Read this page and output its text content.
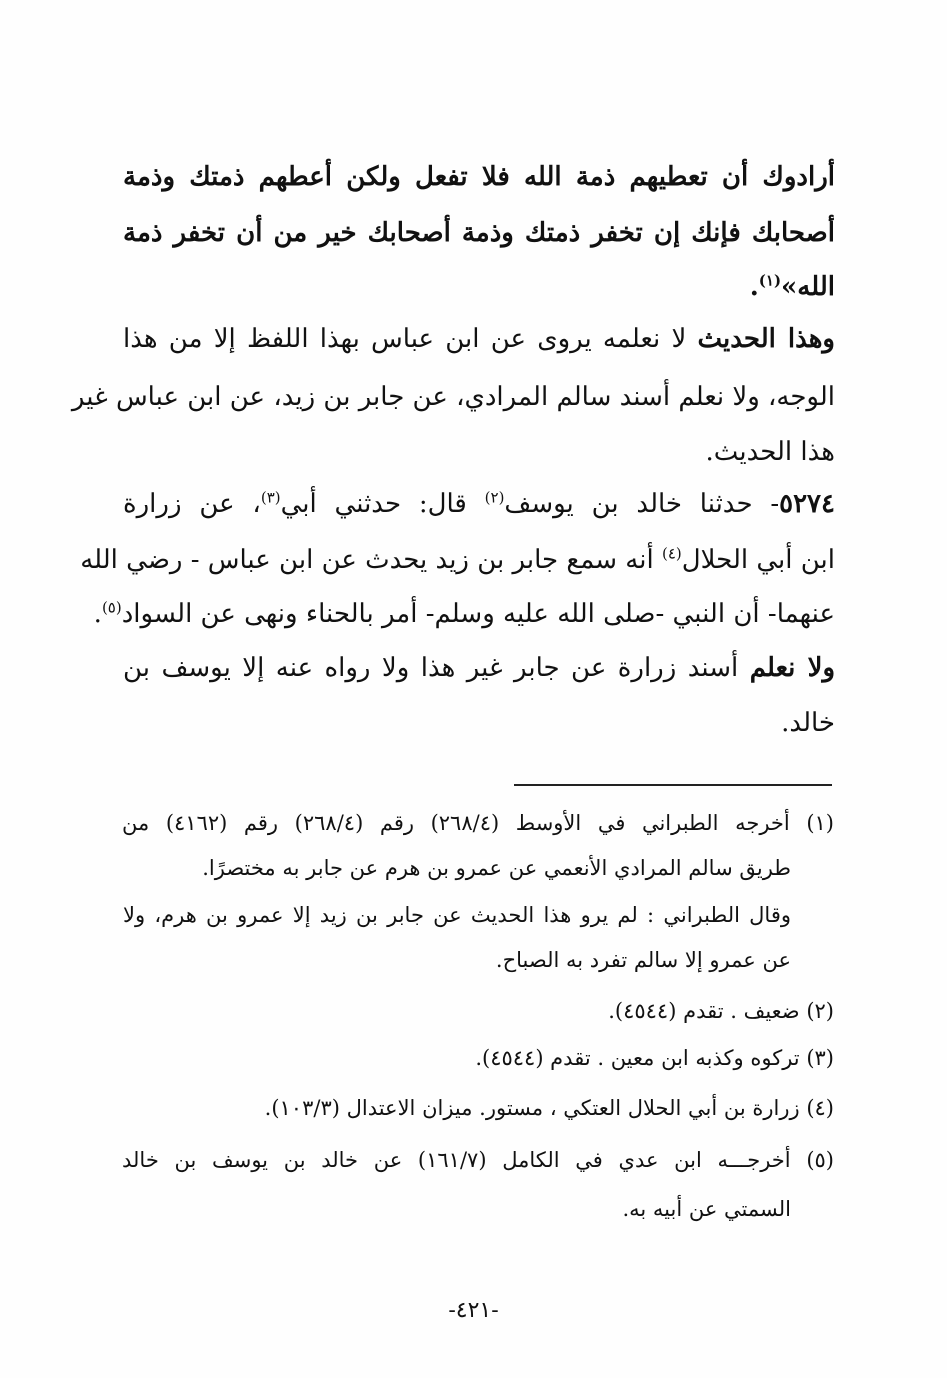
أرادوك أن تعطيهم ذمة الله فلا تفعل ولكن أعطهم ذمتك وذمة
أصحابك فإنك إن تخفر ذمتك وذمة أصحابك خير من أن تخفر ذمة
الله»$^{(١)}$.
وهذا الحديث لا نعلمه يروى عن ابن عباس بهذا اللفظ إلا من هذا
الوجه، ولا نعلم أسند سالم المرادي، عن جابر بن زيد، عن ابن عباس غير
هذا الحديث.
٥٢٧٤- حدثنا خالد بن يوسف$^{(٢)}$ قال: حدثني أبي$^{(٣)}$، عن زرارة
ابن أبي الحلال$^{(٤)}$ أنه سمع جابر بن زيد يحدث عن ابن عباس - رضي الله
عنهما- أن النبي -صلى الله عليه وسلم- أمر بالحناء ونهى عن السواد$^{(٥)}$.
ولا نعلم أسند زرارة عن جابر غير هذا ولا رواه عنه إلا يوسف بن
خالد.
(١) أخرجه الطبراني في الأوسط (٢٦٨/٤) رقم (٢٦٨/٤) رقم (٤١٦٢) من
طريق سالم المرادي الأنعمي عن عمرو بن هرم عن جابر به مختصرًا.
وقال الطبراني : لم يرو هذا الحديث عن جابر بن زيد إلا عمرو بن هرم، ولا
عن عمرو إلا سالم تفرد به الصباح.
(٢) ضعيف . تقدم (٤٥٤٤).
(٣) تركوه وكذبه ابن معين . تقدم (٤٥٤٤).
(٤) زرارة بن أبي الحلال العتكي ، مستور. ميزان الاعتدال (١٠٣/٣).
(٥) أخرجـــه ابن عدي في الكامل (١٦١/٧) عن خالد بن يوسف بن خالد
السمتي عن أبيه به.
-٤٢١-
